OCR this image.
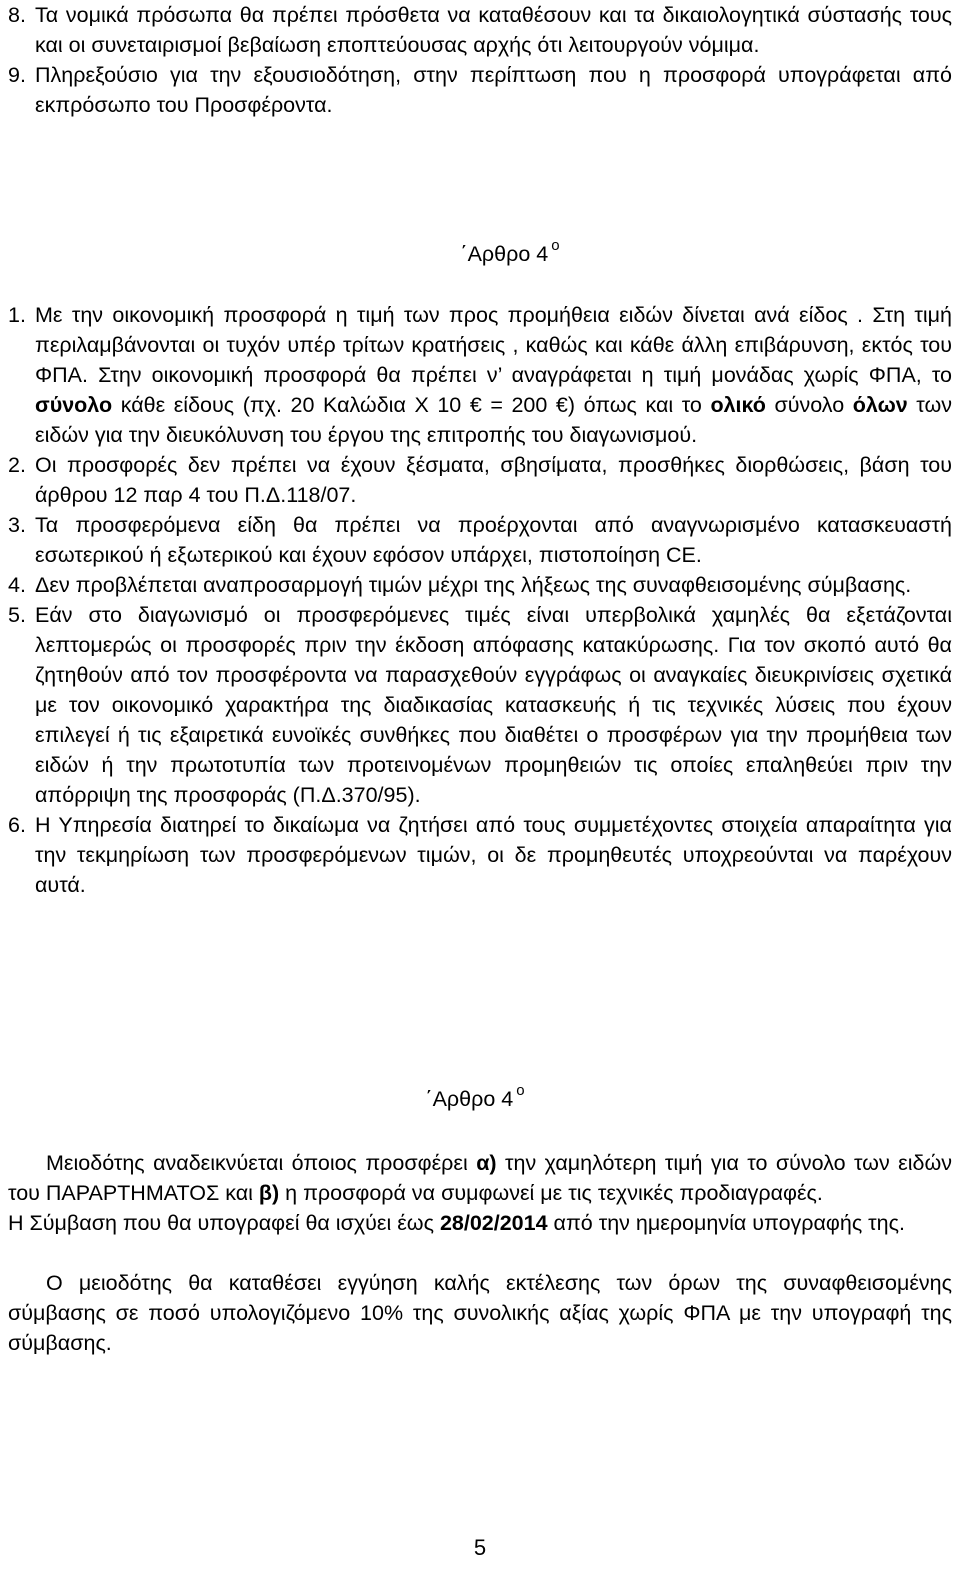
8. Τα νομικά πρόσωπα θα πρέπει πρόσθετα να καταθέσουν και τα δικαιολογητικά σύστασής τους και οι συνεταιρισμοί βεβαίωση εποπτεύουσας αρχής ότι λειτουργούν νόμιμα.
9. Πληρεξούσιο για την εξουσιοδότηση, στην περίπτωση που η προσφορά υπογράφεται από εκπρόσωπο του Προσφέροντα.
΄Αρθρο 4 $^o$
1. Με την οικονομική προσφορά η τιμή των προς προμήθεια ειδών δίνεται ανά είδος . Στη τιμή περιλαμβάνονται οι τυχόν υπέρ τρίτων κρατήσεις , καθώς και κάθε άλλη επιβάρυνση, εκτός του ΦΠΑ. Στην οικονομική προσφορά θα πρέπει ν’ αναγράφεται η τιμή μονάδας χωρίς ΦΠΑ, το σύνολο κάθε είδους (πχ. 20 Καλώδια Χ 10 € = 200 €) όπως και το ολικό σύνολο όλων των ειδών για την διευκόλυνση του έργου της επιτροπής του διαγωνισμού.
2. Οι προσφορές δεν πρέπει να έχουν ξέσματα, σβησίματα, προσθήκες διορθώσεις, βάση του άρθρου 12 παρ 4 του Π.Δ.118/07.
3. Τα προσφερόμενα είδη θα πρέπει να προέρχονται από αναγνωρισμένο κατασκευαστή εσωτερικού ή εξωτερικού και έχουν εφόσον υπάρχει, πιστοποίηση CE.
4. Δεν προβλέπεται αναπροσαρμογή τιμών μέχρι της λήξεως της συναφθεισομένης σύμβασης.
5. Εάν στο διαγωνισμό οι προσφερόμενες τιμές είναι υπερβολικά χαμηλές θα εξετάζονται λεπτομερώς οι προσφορές πριν την έκδοση απόφασης κατακύρωσης. Για τον σκοπό αυτό θα ζητηθούν από τον προσφέροντα να παρασχεθούν εγγράφως οι αναγκαίες διευκρινίσεις σχετικά με τον οικονομικό χαρακτήρα της διαδικασίας κατασκευής ή τις τεχνικές λύσεις που έχουν επιλεγεί ή τις εξαιρετικά ευνοϊκές συνθήκες που διαθέτει ο προσφέρων για την προμήθεια των ειδών ή την πρωτοτυπία των προτεινομένων προμηθειών τις οποίες επαληθεύει πριν την απόρριψη της προσφοράς (Π.Δ.370/95).
6. Η Υπηρεσία διατηρεί το δικαίωμα να ζητήσει από τους συμμετέχοντες στοιχεία απαραίτητα για την τεκμηρίωση των προσφερόμενων τιμών, οι δε προμηθευτές υποχρεούνται να παρέχουν αυτά.
΄Αρθρο 4 $^o$
Μειοδότης αναδεικνύεται όποιος προσφέρει α) την χαμηλότερη τιμή για το σύνολο των ειδών του ΠΑΡΑΡΤΗΜΑΤΟΣ και β) η προσφορά να συμφωνεί με τις τεχνικές προδιαγραφές.
Η Σύμβαση που θα υπογραφεί θα ισχύει έως 28/02/2014 από την ημερομηνία υπογραφής της.
Ο μειοδότης θα καταθέσει εγγύηση καλής εκτέλεσης των όρων της συναφθεισομένης σύμβασης σε ποσό υπολογιζόμενο 10% της συνολικής αξίας χωρίς ΦΠΑ με την υπογραφή της σύμβασης.
5
